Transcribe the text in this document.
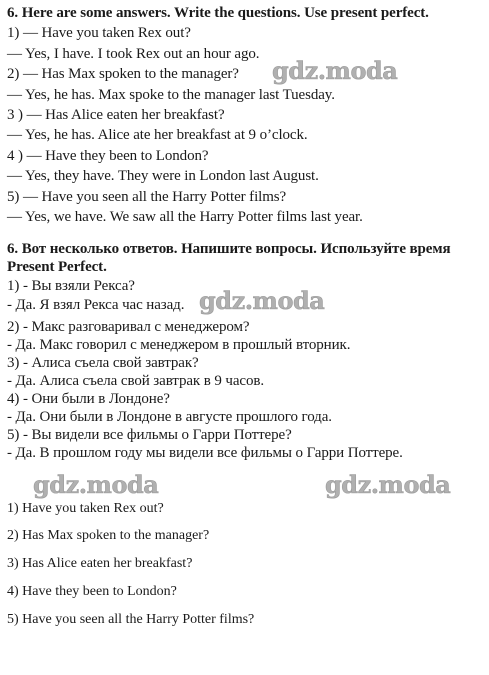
6. Here are some answers. Write the questions. Use present perfect.
1) — Have you taken Rex out?
— Yes, I have. I took Rex out an hour ago.
2) — Has Max spoken to the manager?
— Yes, he has. Max spoke to the manager last Tuesday.
3 ) — Has Alice eaten her breakfast?
— Yes, he has. Alice ate her breakfast at 9 o’clock.
4 ) — Have they been to London?
— Yes, they have. They were in London last August.
5) — Have you seen all the Harry Potter films?
— Yes, we have. We saw all the Harry Potter films last year.
6. Вот несколько ответов. Напишите вопросы. Используйте время
Present Perfect.
1) - Вы взяли Рекса?
- Да. Я взял Рекса час назад.
2) - Макс разговаривал с менеджером?
- Да. Макс говорил с менеджером в прошлый вторник.
3) - Алиса съела свой завтрак?
- Да. Алиса съела свой завтрак в 9 часов.
4) - Они были в Лондоне?
- Да. Они были в Лондоне в августе прошлого года.
5) - Вы видели все фильмы о Гарри Поттере?
- Да. В прошлом году мы видели все фильмы о Гарри Поттере.
1) Have you taken Rex out?
2) Has Max spoken to the manager?
3) Has Alice eaten her breakfast?
4) Have they been to London?
5) Have you seen all the Harry Potter films?
gdz.moda
gdz.moda
gdz.moda	gdz.moda
